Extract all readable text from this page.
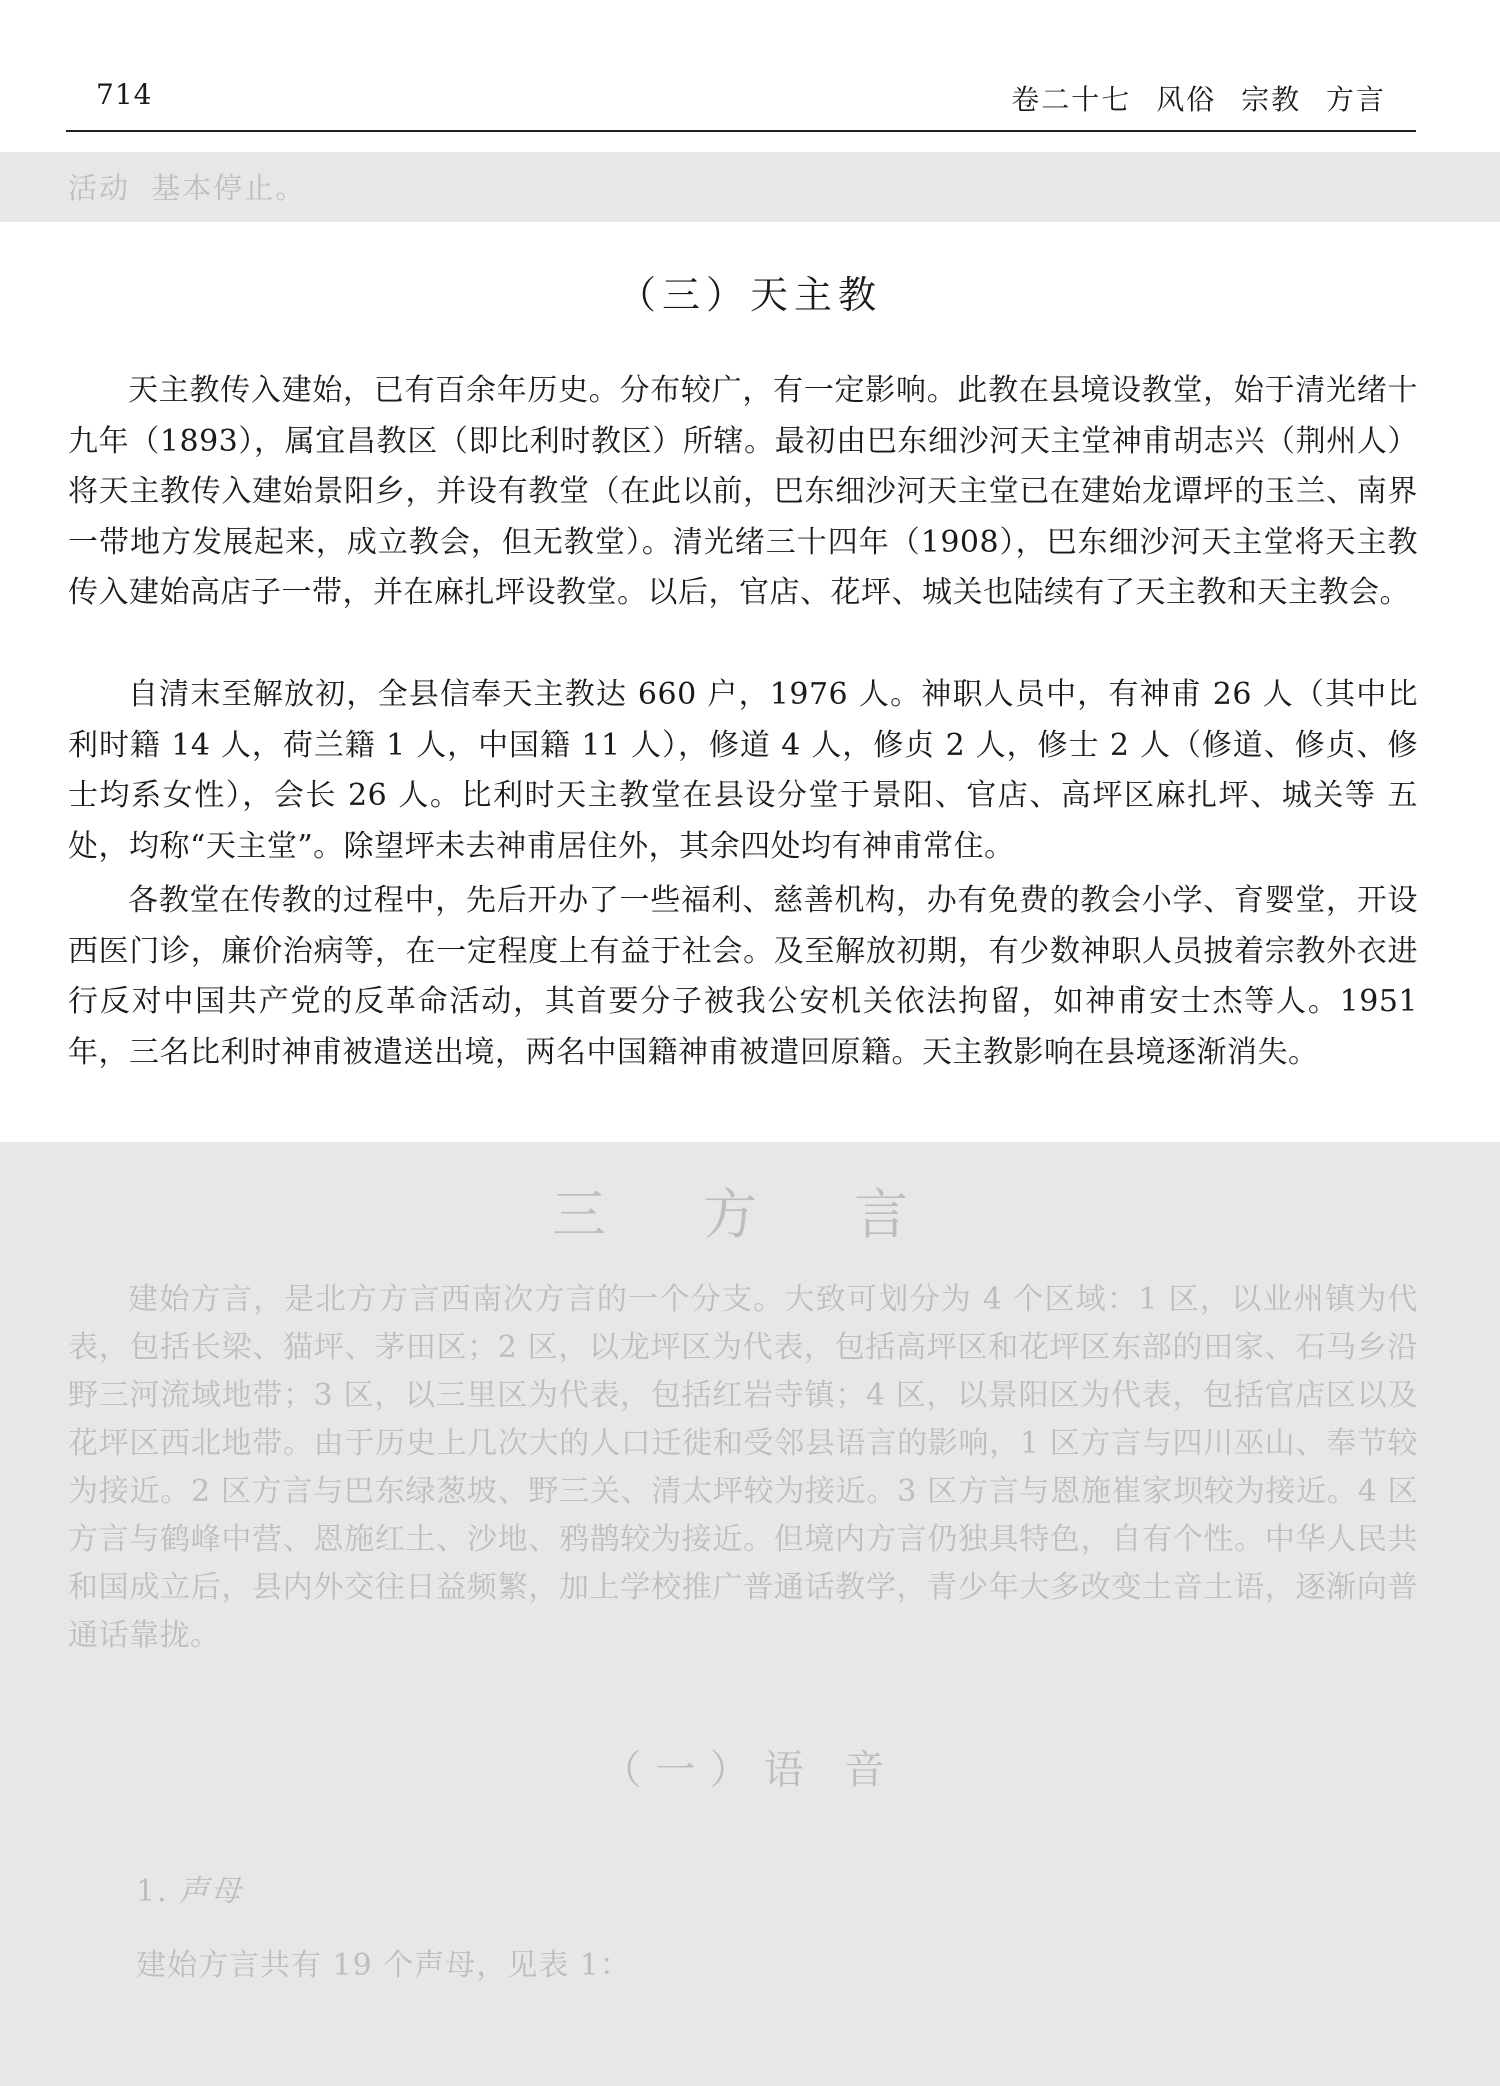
714	卷二十七 风俗 宗教 方言
活动 基本停止。
（三）天主教

天主教传入建始，已有百余年历史。分布较广，有一定影响。此教在县境设教堂，始于清光绪十九年（1893），属宜昌教区（即比利时教区）所辖。最初由巴东细沙河天主堂神甫胡志兴（荆州人）将天主教传入建始景阳乡，并设有教堂（在此以前，巴东细沙河天主堂已在建始龙谭坪的玉兰、南界一带地方发展起来，成立教会，但无教堂）。清光绪三十四年（1908），巴东细沙河天主堂将天主教传入建始高店子一带，并在麻扎坪设教堂。以后，官店、花坪、城关也陆续有了天主教和天主教会。

自清末至解放初，全县信奉天主教达 660 户，1976 人。神职人员中，有神甫 26 人（其中比利时籍 14 人，荷兰籍 1 人，中国籍 11 人），修道 4 人，修贞 2 人，修士 2 人（修道、修贞、修士均系女性），会长 26 人。比利时天主教堂在县设分堂于景阳、官店、高坪区麻扎坪、城关等 五处，均称“天主堂”。除望坪未去神甫居住外，其余四处均有神甫常住。

各教堂在传教的过程中，先后开办了一些福利、慈善机构，办有免费的教会小学、育婴堂，开设西医门诊，廉价治病等，在一定程度上有益于社会。及至解放初期，有少数神职人员披着宗教外衣进行反对中国共产党的反革命活动，其首要分子被我公安机关依法拘留，如神甫安士杰等人。1951 年，三名比利时神甫被遣送出境，两名中国籍神甫被遣回原籍。天主教影响在县境逐渐消失。

三 方 言

建始方言，是北方方言西南次方言的一个分支。大致可划分为 4 个区域：1 区，以业州镇为代表，包括长梁、猫坪、茅田区；2 区，以龙坪区为代表，包括高坪区和花坪区东部的田家、石马乡沿野三河流域地带；3 区，以三里区为代表，包括红岩寺镇；4 区，以景阳区为代表，包括官店区以及花坪区西北地带。由于历史上几次大的人口迁徙和受邻县语言的影响，1 区方言与四川巫山、奉节较为接近。2 区方言与巴东绿葱坡、野三关、清太坪较为接近。3 区方言与恩施崔家坝较为接近。4 区方言与鹤峰中营、恩施红土、沙地、鸦鹊较为接近。但境内方言仍独具特色，自有个性。中华人民共和国成立后，县内外交往日益频繁，加上学校推广普通话教学，青少年大多改变土音土语，逐渐向普通话靠拢。

（一）语 音
1. 声母
建始方言共有 19 个声母，见表 1：
